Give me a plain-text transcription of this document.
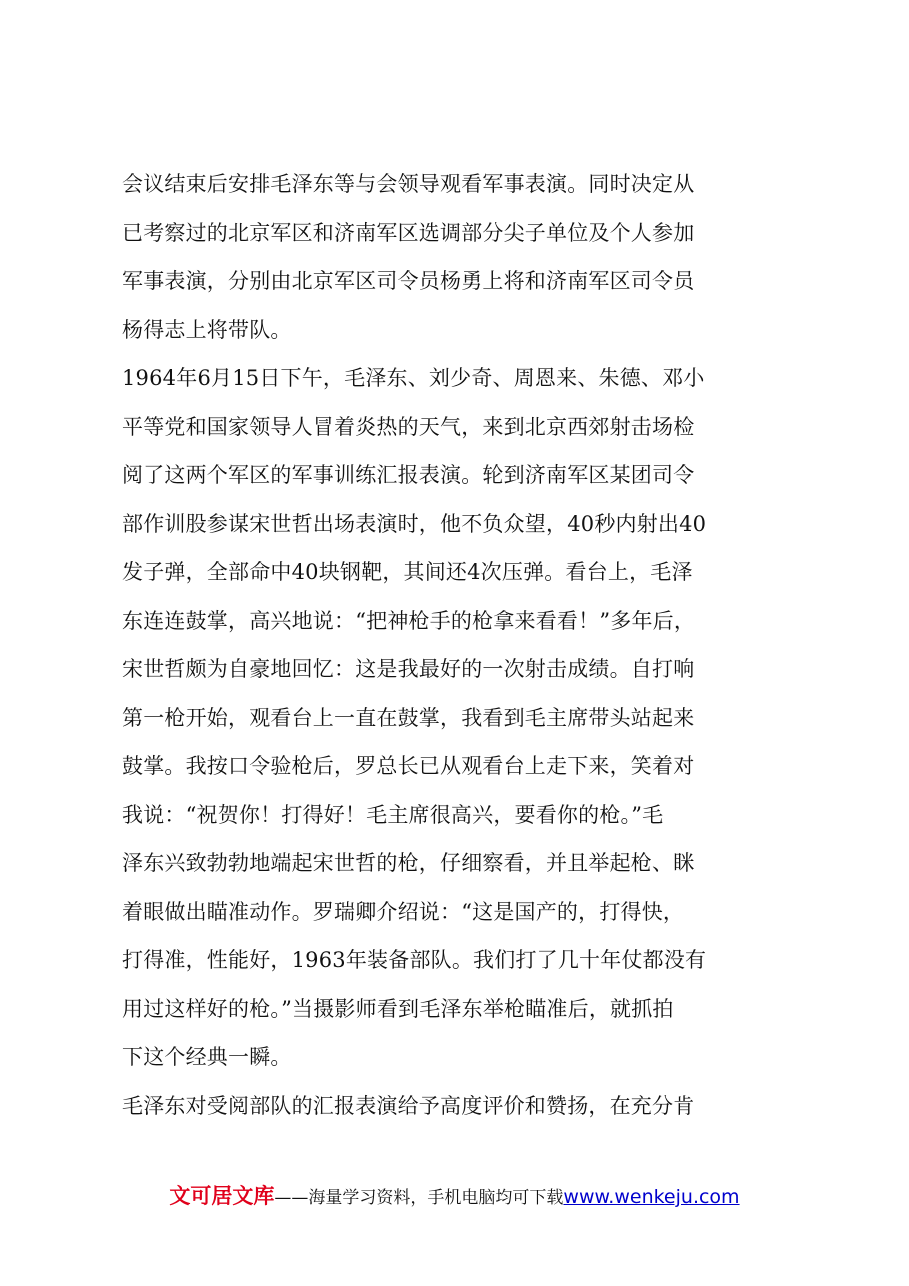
会议结束后安排毛泽东等与会领导观看军事表演。同时决定从
已考察过的北京军区和济南军区选调部分尖子单位及个人参加
军事表演，分别由北京军区司令员杨勇上将和济南军区司令员
杨得志上将带队。
1964年6月15日下午，毛泽东、刘少奇、周恩来、朱德、邓小
平等党和国家领导人冒着炎热的天气，来到北京西郊射击场检
阅了这两个军区的军事训练汇报表演。轮到济南军区某团司令
部作训股参谋宋世哲出场表演时，他不负众望，40秒内射出40
发子弹，全部命中40块钢靶，其间还4次压弹。看台上，毛泽
东连连鼓掌，高兴地说：“把神枪手的枪拿来看看！”多年后，
宋世哲颇为自豪地回忆：这是我最好的一次射击成绩。自打响
第一枪开始，观看台上一直在鼓掌，我看到毛主席带头站起来
鼓掌。我按口令验枪后，罗总长已从观看台上走下来，笑着对
我说：“祝贺你！打得好！毛主席很高兴，要看你的枪。”毛
泽东兴致勃勃地端起宋世哲的枪，仔细察看，并且举起枪、眯
着眼做出瞄准动作。罗瑞卿介绍说：“这是国产的，打得快，
打得准，性能好，1963年装备部队。我们打了几十年仗都没有
用过这样好的枪。”当摄影师看到毛泽东举枪瞄准后，就抓拍
下这个经典一瞬。
毛泽东对受阅部队的汇报表演给予高度评价和赞扬，在充分肯
文可居文库——海量学习资料，手机电脑均可下载www.wenkeju.com
